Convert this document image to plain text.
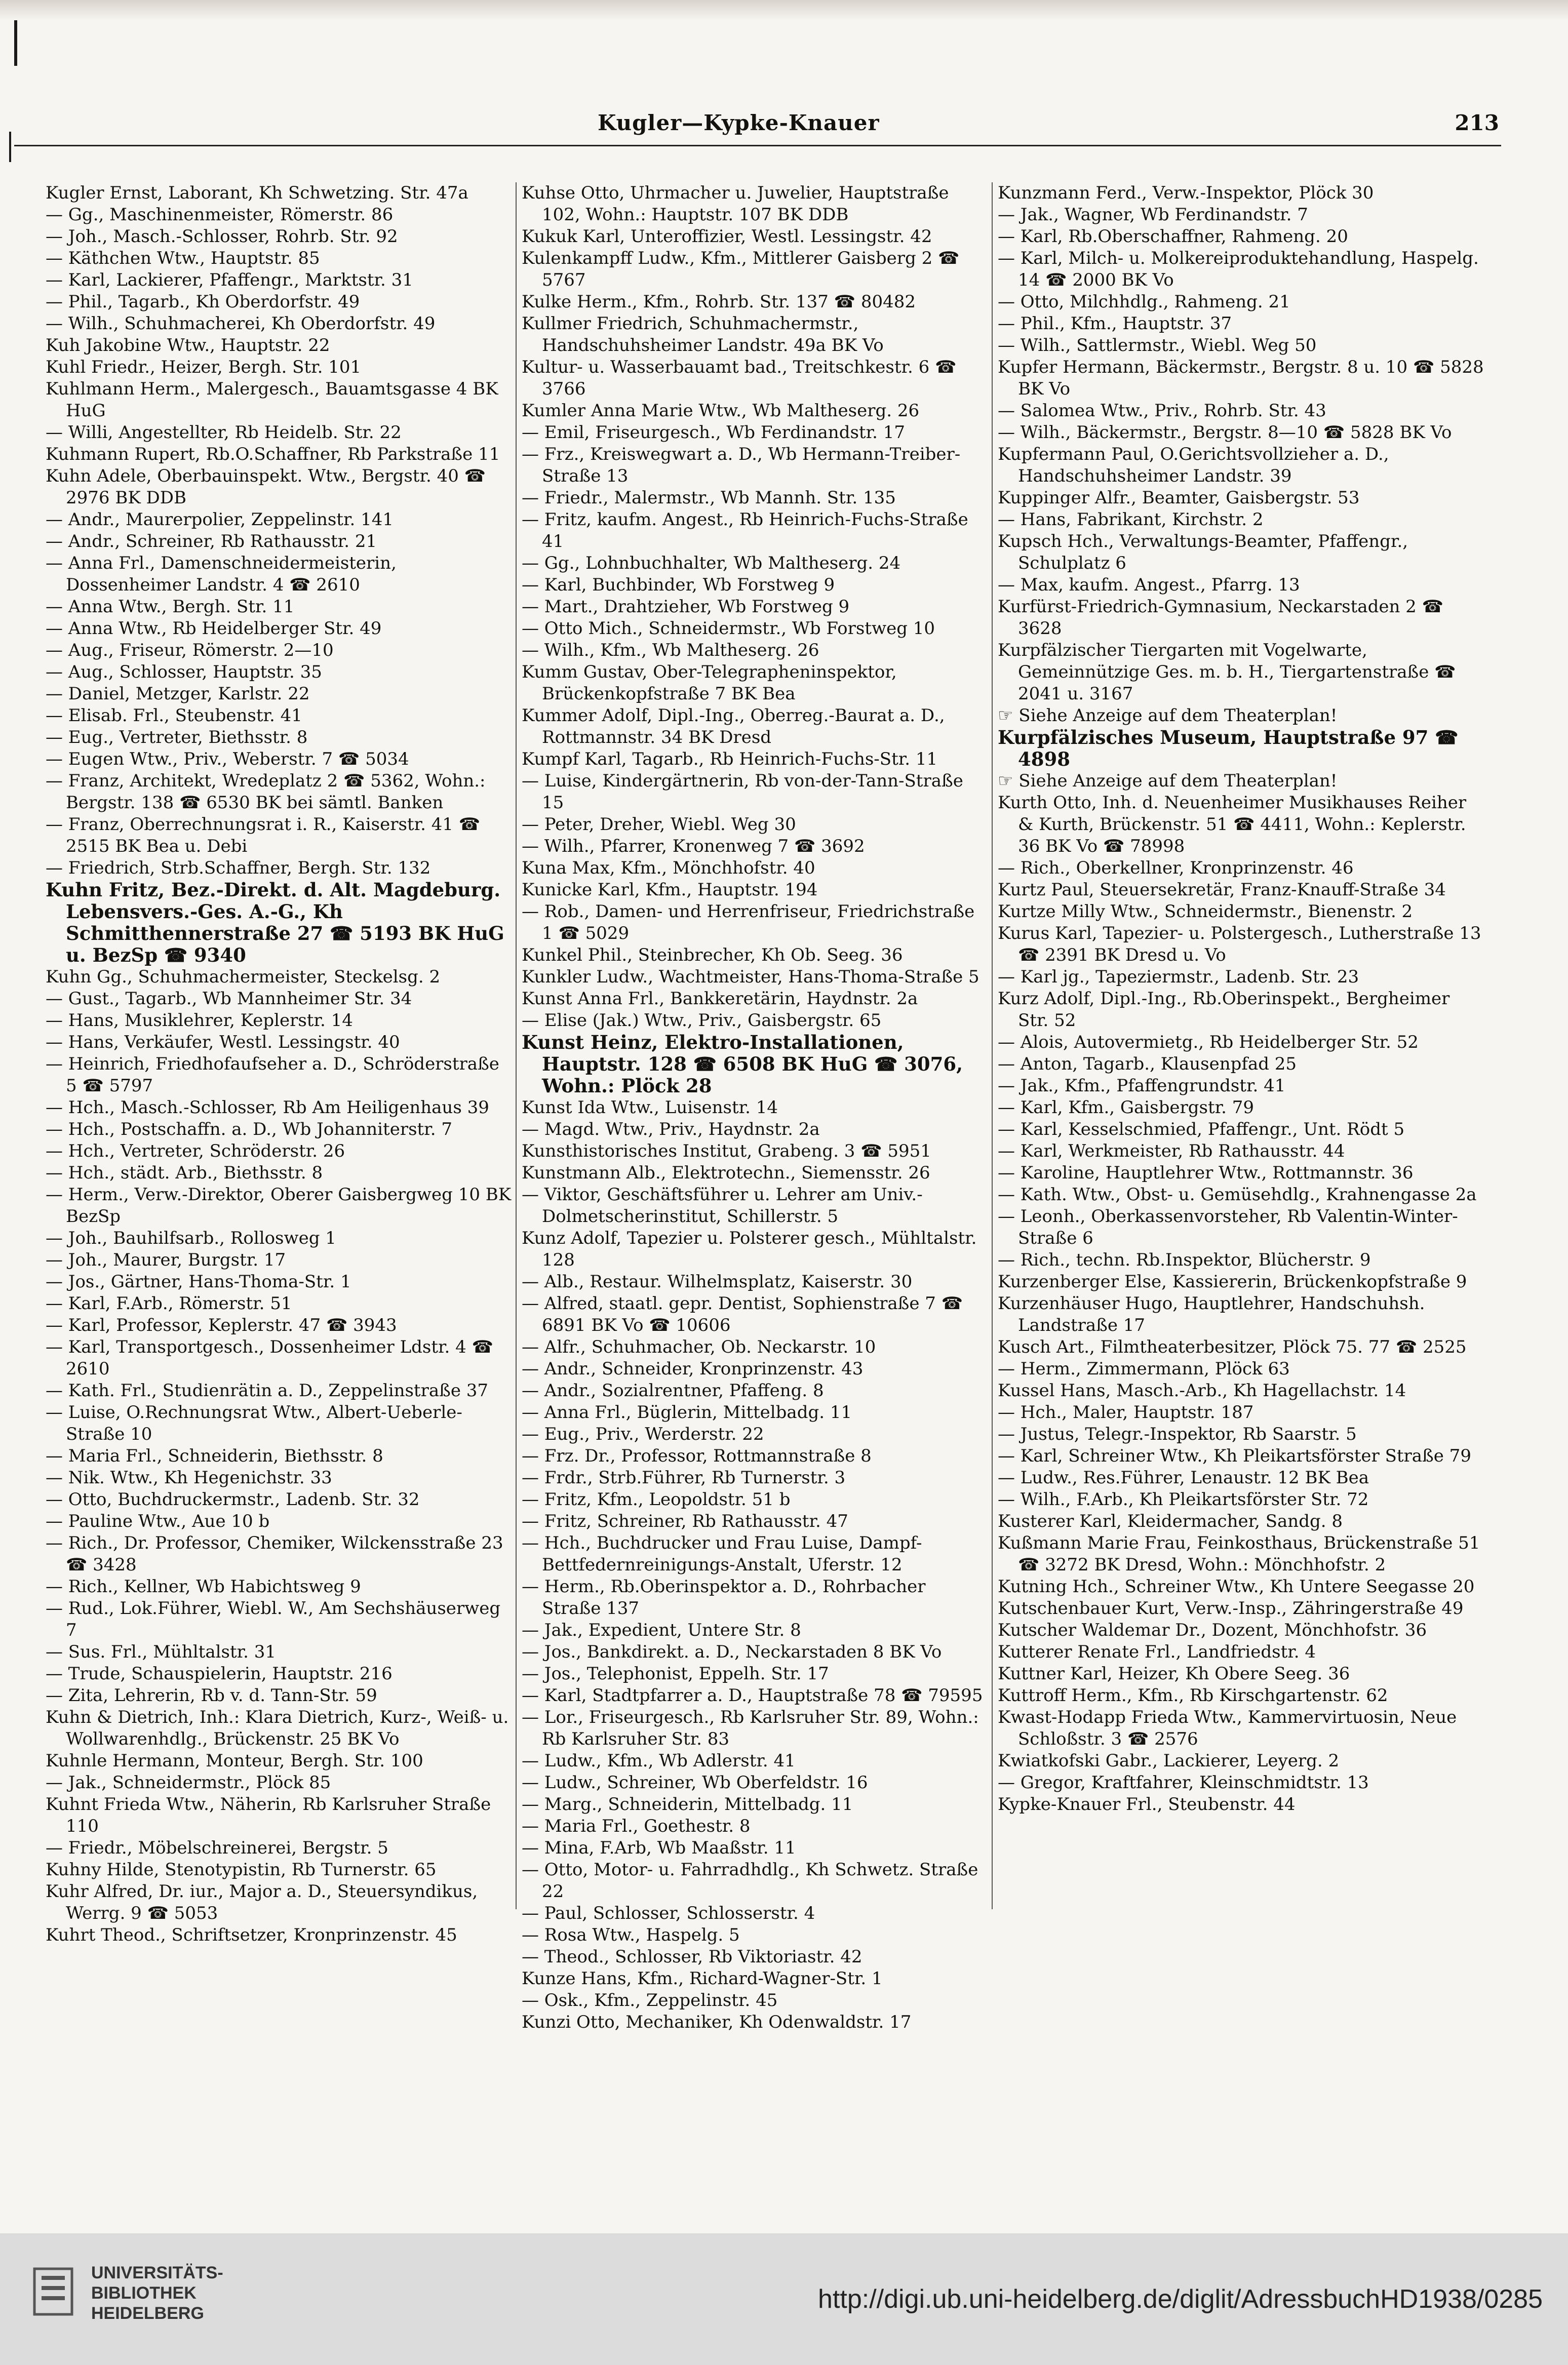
Kugler—Kypke-Knauer	213

Kugler Ernst, Laborant, Kh Schwetzing. Str. 47a

— Gg., Maschinenmeister, Römerstr. 86

— Joh., Masch.-Schlosser, Rohrb. Str. 92

— Käthchen Wtw., Hauptstr. 85

— Karl, Lackierer, Pfaffengr., Marktstr. 31

— Phil., Tagarb., Kh Oberdorfstr. 49

— Wilh., Schuhmacherei, Kh Oberdorfstr. 49

Kuh Jakobine Wtw., Hauptstr. 22

Kuhl Friedr., Heizer, Bergh. Str. 101

Kuhlmann Herm., Malergesch., Bauamtsgasse 4 BK HuG

— Willi, Angestellter, Rb Heidelb. Str. 22

Kuhmann Rupert, Rb.O.Schaffner, Rb Parkstraße 11

Kuhn Adele, Oberbauinspekt. Wtw., Bergstr. 40 ☎ 2976 BK DDB

— Andr., Maurerpolier, Zeppelinstr. 141

— Andr., Schreiner, Rb Rathausstr. 21

— Anna Frl., Damenschneidermeisterin, Dossenheimer Landstr. 4 ☎ 2610

— Anna Wtw., Bergh. Str. 11

— Anna Wtw., Rb Heidelberger Str. 49

— Aug., Friseur, Römerstr. 2—10

— Aug., Schlosser, Hauptstr. 35

— Daniel, Metzger, Karlstr. 22

— Elisab. Frl., Steubenstr. 41

— Eug., Vertreter, Biethsstr. 8

— Eugen Wtw., Priv., Weberstr. 7 ☎ 5034

— Franz, Architekt, Wredeplatz 2 ☎ 5362, Wohn.: Bergstr. 138 ☎ 6530 BK bei sämtl. Banken

— Franz, Oberrechnungsrat i. R., Kaiserstr. 41 ☎ 2515 BK Bea u. Debi

— Friedrich, Strb.Schaffner, Bergh. Str. 132

Kuhn Fritz, Bez.-Direkt. d. Alt. Magdeburg. Lebensvers.-Ges. A.-G., Kh Schmitthennerstraße 27 ☎ 5193 BK HuG u. BezSp ☎ 9340

Kuhn Gg., Schuhmachermeister, Steckelsg. 2

— Gust., Tagarb., Wb Mannheimer Str. 34

— Hans, Musiklehrer, Keplerstr. 14

— Hans, Verkäufer, Westl. Lessingstr. 40

— Heinrich, Friedhofaufseher a. D., Schröderstraße 5 ☎ 5797

— Hch., Masch.-Schlosser, Rb Am Heiligenhaus 39

— Hch., Postschaffn. a. D., Wb Johanniterstr. 7

— Hch., Vertreter, Schröderstr. 26

— Hch., städt. Arb., Biethsstr. 8

— Herm., Verw.-Direktor, Oberer Gaisbergweg 10 BK BezSp

— Joh., Bauhilfsarb., Rollosweg 1

— Joh., Maurer, Burgstr. 17

— Jos., Gärtner, Hans-Thoma-Str. 1

— Karl, F.Arb., Römerstr. 51

— Karl, Professor, Keplerstr. 47 ☎ 3943

— Karl, Transportgesch., Dossenheimer Ldstr. 4 ☎ 2610

— Kath. Frl., Studienrätin a. D., Zeppelinstraße 37

— Luise, O.Rechnungsrat Wtw., Albert-Ueberle-Straße 10

— Maria Frl., Schneiderin, Biethsstr. 8

— Nik. Wtw., Kh Hegenichstr. 33

— Otto, Buchdruckermstr., Ladenb. Str. 32

— Pauline Wtw., Aue 10 b

— Rich., Dr. Professor, Chemiker, Wilckensstraße 23 ☎ 3428

— Rich., Kellner, Wb Habichtsweg 9

— Rud., Lok.Führer, Wiebl. W., Am Sechshäuserweg 7

— Sus. Frl., Mühltalstr. 31

— Trude, Schauspielerin, Hauptstr. 216

— Zita, Lehrerin, Rb v. d. Tann-Str. 59

Kuhn & Dietrich, Inh.: Klara Dietrich, Kurz-, Weiß- u. Wollwarenhdlg., Brückenstr. 25 BK Vo

Kuhnle Hermann, Monteur, Bergh. Str. 100

— Jak., Schneidermstr., Plöck 85

Kuhnt Frieda Wtw., Näherin, Rb Karlsruher Straße 110

— Friedr., Möbelschreinerei, Bergstr. 5

Kuhny Hilde, Stenotypistin, Rb Turnerstr. 65

Kuhr Alfred, Dr. iur., Major a. D., Steuersyndikus, Werrg. 9 ☎ 5053

Kuhrt Theod., Schriftsetzer, Kronprinzenstr. 45

Kuhse Otto, Uhrmacher u. Juwelier, Hauptstraße 102, Wohn.: Hauptstr. 107 BK DDB

Kukuk Karl, Unteroffizier, Westl. Lessingstr. 42

Kulenkampff Ludw., Kfm., Mittlerer Gaisberg 2 ☎ 5767

Kulke Herm., Kfm., Rohrb. Str. 137 ☎ 80482

Kullmer Friedrich, Schuhmachermstr., Handschuhsheimer Landstr. 49a BK Vo

Kultur- u. Wasserbauamt bad., Treitschkestr. 6 ☎ 3766

Kumler Anna Marie Wtw., Wb Maltheserg. 26

— Emil, Friseurgesch., Wb Ferdinandstr. 17

— Frz., Kreiswegwart a. D., Wb Hermann-Treiber-Straße 13

— Friedr., Malermstr., Wb Mannh. Str. 135

— Fritz, kaufm. Angest., Rb Heinrich-Fuchs-Straße 41

— Gg., Lohnbuchhalter, Wb Maltheserg. 24

— Karl, Buchbinder, Wb Forstweg 9

— Mart., Drahtzieher, Wb Forstweg 9

— Otto Mich., Schneidermstr., Wb Forstweg 10

— Wilh., Kfm., Wb Maltheserg. 26

Kumm Gustav, Ober-Telegrapheninspektor, Brückenkopfstraße 7 BK Bea

Kummer Adolf, Dipl.-Ing., Oberreg.-Baurat a. D., Rottmannstr. 34 BK Dresd

Kumpf Karl, Tagarb., Rb Heinrich-Fuchs-Str. 11

— Luise, Kindergärtnerin, Rb von-der-Tann-Straße 15

— Peter, Dreher, Wiebl. Weg 30

— Wilh., Pfarrer, Kronenweg 7 ☎ 3692

Kuna Max, Kfm., Mönchhofstr. 40

Kunicke Karl, Kfm., Hauptstr. 194

— Rob., Damen- und Herrenfriseur, Friedrichstraße 1 ☎ 5029

Kunkel Phil., Steinbrecher, Kh Ob. Seeg. 36

Kunkler Ludw., Wachtmeister, Hans-Thoma-Straße 5

Kunst Anna Frl., Bankkeretärin, Haydnstr. 2a

— Elise (Jak.) Wtw., Priv., Gaisbergstr. 65

Kunst Heinz, Elektro-Installationen, Hauptstr. 128 ☎ 6508 BK HuG ☎ 3076, Wohn.: Plöck 28

Kunst Ida Wtw., Luisenstr. 14

— Magd. Wtw., Priv., Haydnstr. 2a

Kunsthistorisches Institut, Grabeng. 3 ☎ 5951

Kunstmann Alb., Elektrotechn., Siemensstr. 26

— Viktor, Geschäftsführer u. Lehrer am Univ.-Dolmetscherinstitut, Schillerstr. 5

Kunz Adolf, Tapezier u. Polsterer gesch., Mühltalstr. 128

— Alb., Restaur. Wilhelmsplatz, Kaiserstr. 30

— Alfred, staatl. gepr. Dentist, Sophienstraße 7 ☎ 6891 BK Vo ☎ 10606

— Alfr., Schuhmacher, Ob. Neckarstr. 10

— Andr., Schneider, Kronprinzenstr. 43

— Andr., Sozialrentner, Pfaffeng. 8

— Anna Frl., Büglerin, Mittelbadg. 11

— Eug., Priv., Werderstr. 22

— Frz. Dr., Professor, Rottmannstraße 8

— Frdr., Strb.Führer, Rb Turnerstr. 3

— Fritz, Kfm., Leopoldstr. 51 b

— Fritz, Schreiner, Rb Rathausstr. 47

— Hch., Buchdrucker und Frau Luise, Dampf-Bettfedernreinigungs-Anstalt, Uferstr. 12

— Herm., Rb.Oberinspektor a. D., Rohrbacher Straße 137

— Jak., Expedient, Untere Str. 8

— Jos., Bankdirekt. a. D., Neckarstaden 8 BK Vo

— Jos., Telephonist, Eppelh. Str. 17

— Karl, Stadtpfarrer a. D., Hauptstraße 78 ☎ 79595

— Lor., Friseurgesch., Rb Karlsruher Str. 89, Wohn.: Rb Karlsruher Str. 83

— Ludw., Kfm., Wb Adlerstr. 41

— Ludw., Schreiner, Wb Oberfeldstr. 16

— Marg., Schneiderin, Mittelbadg. 11

— Maria Frl., Goethestr. 8

— Mina, F.Arb, Wb Maaßstr. 11

— Otto, Motor- u. Fahrradhdlg., Kh Schwetz. Straße 22

— Paul, Schlosser, Schlosserstr. 4

— Rosa Wtw., Haspelg. 5

— Theod., Schlosser, Rb Viktoriastr. 42

Kunze Hans, Kfm., Richard-Wagner-Str. 1

— Osk., Kfm., Zeppelinstr. 45

Kunzi Otto, Mechaniker, Kh Odenwaldstr. 17

Kunzmann Ferd., Verw.-Inspektor, Plöck 30

— Jak., Wagner, Wb Ferdinandstr. 7

— Karl, Rb.Oberschaffner, Rahmeng. 20

— Karl, Milch- u. Molkereiproduktehandlung, Haspelg. 14 ☎ 2000 BK Vo

— Otto, Milchhdlg., Rahmeng. 21

— Phil., Kfm., Hauptstr. 37

— Wilh., Sattlermstr., Wiebl. Weg 50

Kupfer Hermann, Bäckermstr., Bergstr. 8 u. 10 ☎ 5828 BK Vo

— Salomea Wtw., Priv., Rohrb. Str. 43

— Wilh., Bäckermstr., Bergstr. 8—10 ☎ 5828 BK Vo

Kupfermann Paul, O.Gerichtsvollzieher a. D., Handschuhsheimer Landstr. 39

Kuppinger Alfr., Beamter, Gaisbergstr. 53

— Hans, Fabrikant, Kirchstr. 2

Kupsch Hch., Verwaltungs-Beamter, Pfaffengr., Schulplatz 6

— Max, kaufm. Angest., Pfarrg. 13

Kurfürst-Friedrich-Gymnasium, Neckarstaden 2 ☎ 3628

Kurpfälzischer Tiergarten mit Vogelwarte, Gemeinnützige Ges. m. b. H., Tiergartenstraße ☎ 2041 u. 3167

☞ Siehe Anzeige auf dem Theaterplan!

Kurpfälzisches Museum, Hauptstraße 97 ☎ 4898

☞ Siehe Anzeige auf dem Theaterplan!

Kurth Otto, Inh. d. Neuenheimer Musikhauses Reiher & Kurth, Brückenstr. 51 ☎ 4411, Wohn.: Keplerstr. 36 BK Vo ☎ 78998

— Rich., Oberkellner, Kronprinzenstr. 46

Kurtz Paul, Steuersekretär, Franz-Knauff-Straße 34

Kurtze Milly Wtw., Schneidermstr., Bienenstr. 2

Kurus Karl, Tapezier- u. Polstergesch., Lutherstraße 13 ☎ 2391 BK Dresd u. Vo

— Karl jg., Tapeziermstr., Ladenb. Str. 23

Kurz Adolf, Dipl.-Ing., Rb.Oberinspekt., Bergheimer Str. 52

— Alois, Autovermietg., Rb Heidelberger Str. 52

— Anton, Tagarb., Klausenpfad 25

— Jak., Kfm., Pfaffengrundstr. 41

— Karl, Kfm., Gaisbergstr. 79

— Karl, Kesselschmied, Pfaffengr., Unt. Rödt 5

— Karl, Werkmeister, Rb Rathausstr. 44

— Karoline, Hauptlehrer Wtw., Rottmannstr. 36

— Kath. Wtw., Obst- u. Gemüsehdlg., Krahnengasse 2a

— Leonh., Oberkassenvorsteher, Rb Valentin-Winter-Straße 6

— Rich., techn. Rb.Inspektor, Blücherstr. 9

Kurzenberger Else, Kassiererin, Brückenkopfstraße 9

Kurzenhäuser Hugo, Hauptlehrer, Handschuhsh. Landstraße 17

Kusch Art., Filmtheaterbesitzer, Plöck 75. 77 ☎ 2525

— Herm., Zimmermann, Plöck 63

Kussel Hans, Masch.-Arb., Kh Hagellachstr. 14

— Hch., Maler, Hauptstr. 187

— Justus, Telegr.-Inspektor, Rb Saarstr. 5

— Karl, Schreiner Wtw., Kh Pleikartsförster Straße 79

— Ludw., Res.Führer, Lenaustr. 12 BK Bea

— Wilh., F.Arb., Kh Pleikartsförster Str. 72

Kusterer Karl, Kleidermacher, Sandg. 8

Kußmann Marie Frau, Feinkosthaus, Brückenstraße 51 ☎ 3272 BK Dresd, Wohn.: Mönchhofstr. 2

Kutning Hch., Schreiner Wtw., Kh Untere Seegasse 20

Kutschenbauer Kurt, Verw.-Insp., Zähringerstraße 49

Kutscher Waldemar Dr., Dozent, Mönchhofstr. 36

Kutterer Renate Frl., Landfriedstr. 4

Kuttner Karl, Heizer, Kh Obere Seeg. 36

Kuttroff Herm., Kfm., Rb Kirschgartenstr. 62

Kwast-Hodapp Frieda Wtw., Kammervirtuosin, Neue Schloßstr. 3 ☎ 2576

Kwiatkofski Gabr., Lackierer, Leyerg. 2

— Gregor, Kraftfahrer, Kleinschmidtstr. 13

Kypke-Knauer Frl., Steubenstr. 44

UNIVERSITÄTS-
BIBLIOTHEK
HEIDELBERG	http://digi.ub.uni-heidelberg.de/diglit/AdressbuchHD1938/0285
